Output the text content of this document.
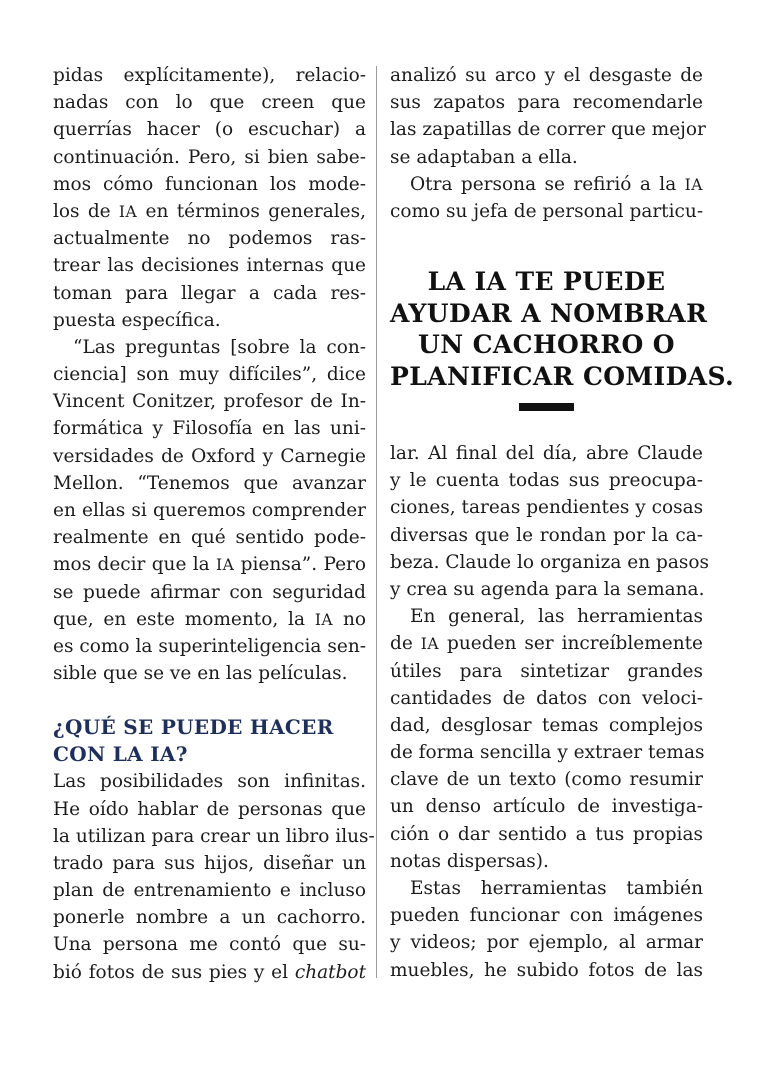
pidas explícitamente), relacio-
nadas con lo que creen que
querrías hacer (o escuchar) a
continuación. Pero, si bien sabe-
mos cómo funcionan los mode-
los de IA en términos generales,
actualmente no podemos ras-
trear las decisiones internas que
toman para llegar a cada res-
puesta específica.
“Las preguntas [sobre la con-
ciencia] son muy difíciles”, dice
Vincent Conitzer, profesor de In-
formática y Filosofía en las uni-
versidades de Oxford y Carnegie
Mellon. “Tenemos que avanzar
en ellas si queremos comprender
realmente en qué sentido pode-
mos decir que la IA piensa”. Pero
se puede afirmar con seguridad
que, en este momento, la IA no
es como la superinteligencia sen-
sible que se ve en las películas.
¿QUÉ SE PUEDE HACER
CON LA IA?
Las posibilidades son infinitas.
He oído hablar de personas que
la utilizan para crear un libro ilus-
trado para sus hijos, diseñar un
plan de entrenamiento e incluso
ponerle nombre a un cachorro.
Una persona me contó que su-
bió fotos de sus pies y el chatbot
analizó su arco y el desgaste de
sus zapatos para recomendarle
las zapatillas de correr que mejor
se adaptaban a ella.
Otra persona se refirió a la IA
como su jefa de personal particu-
LA IA TE PUEDE
AYUDAR A NOMBRAR
UN CACHORRO O
PLANIFICAR COMIDAS.
lar. Al final del día, abre Claude
y le cuenta todas sus preocupa-
ciones, tareas pendientes y cosas
diversas que le rondan por la ca-
beza. Claude lo organiza en pasos
y crea su agenda para la semana.
En general, las herramientas
de IA pueden ser increíblemente
útiles para sintetizar grandes
cantidades de datos con veloci-
dad, desglosar temas complejos
de forma sencilla y extraer temas
clave de un texto (como resumir
un denso artículo de investiga-
ción o dar sentido a tus propias
notas dispersas).
Estas herramientas también
pueden funcionar con imágenes
y videos; por ejemplo, al armar
muebles, he subido fotos de las
